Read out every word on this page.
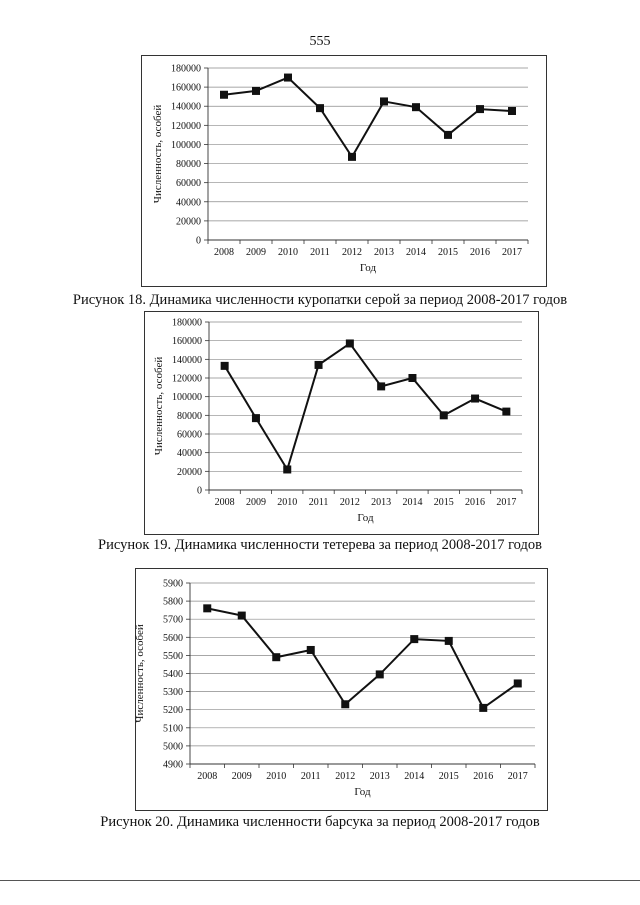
555
0
20000
40000
60000
80000
100000
120000
140000
160000
180000
2008 2009 2010 2011 2012 2013 2014 2015 2016 2017
Год
Численность, особей
Рисунок 18. Динамика численности куропатки серой за период 2008-2017 годов
0
20000
40000
60000
80000
100000
120000
140000
160000
180000
2008 2009 2010 2011 2012 2013 2014 2015 2016 2017
Год
Численность, особей
Рисунок 19. Динамика численности тетерева за период 2008-2017 годов
4900
5000
5100
5200
5300
5400
5500
5600
5700
5800
5900
2008 2009 2010 2011 2012 2013 2014 2015 2016 2017
Год
Численность, особей
Рисунок 20. Динамика численности барсука за период 2008-2017 годов
